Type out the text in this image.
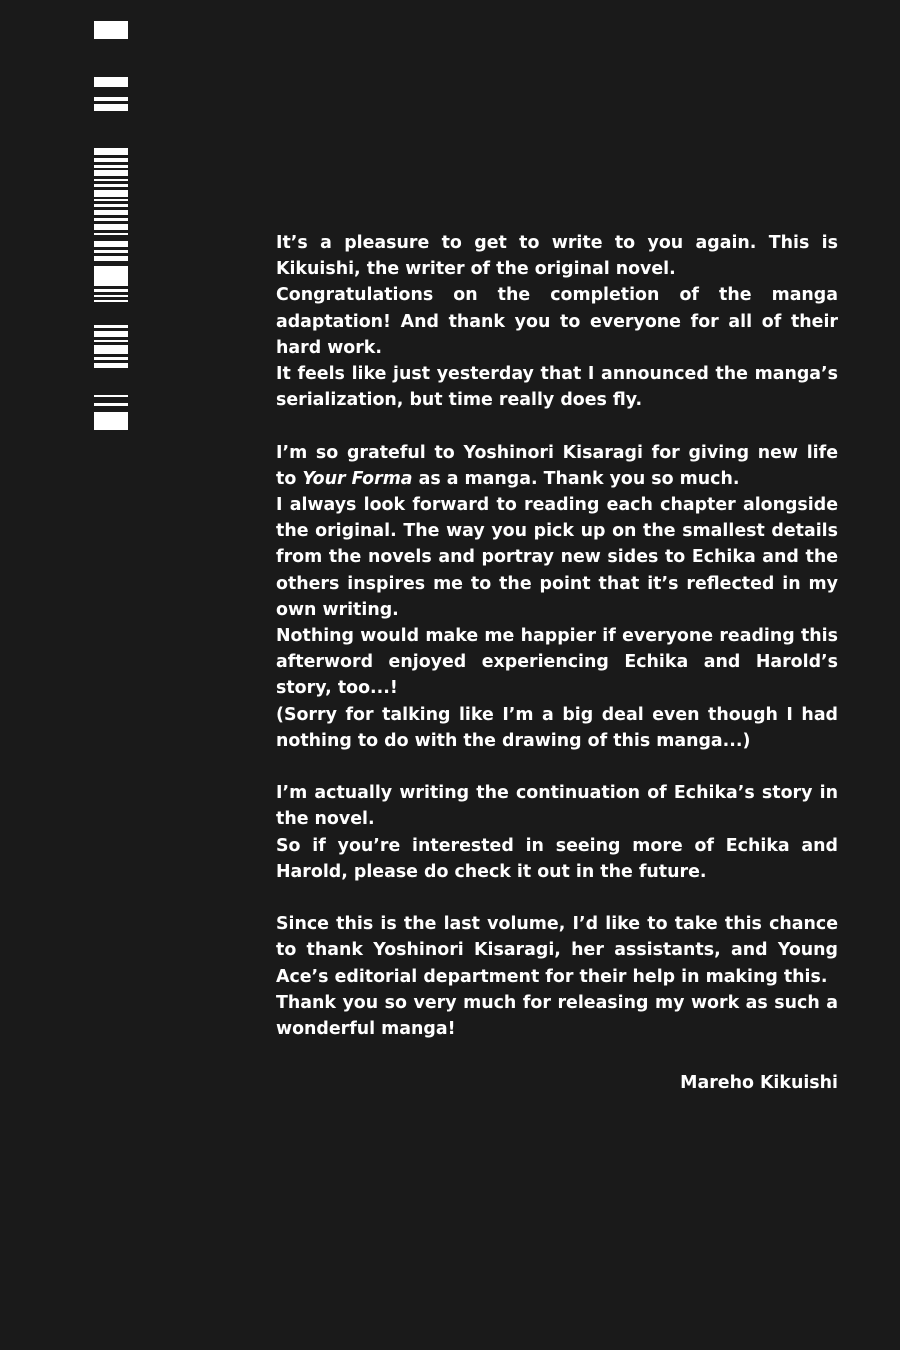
It’s a pleasure to get to write to you again. This is Kikuishi, the writer of the original novel.
Congratulations on the completion of the manga adaptation! And thank you to everyone for all of their hard work.
It feels like just yesterday that I announced the manga’s serialization, but time really does fly.
I’m so grateful to Yoshinori Kisaragi for giving new life to Your Forma as a manga. Thank you so much.
I always look forward to reading each chapter alongside the original. The way you pick up on the smallest details from the novels and portray new sides to Echika and the others inspires me to the point that it’s reflected in my own writing.
Nothing would make me happier if everyone reading this afterword enjoyed experiencing Echika and Harold’s story, too...!
(Sorry for talking like I’m a big deal even though I had nothing to do with the drawing of this manga...)
I’m actually writing the continuation of Echika’s story in the novel.
So if you’re interested in seeing more of Echika and Harold, please do check it out in the future.
Since this is the last volume, I’d like to take this chance to thank Yoshinori Kisaragi, her assistants, and Young Ace’s editorial department for their help in making this.
Thank you so very much for releasing my work as such a wonderful manga!
Mareho Kikuishi
